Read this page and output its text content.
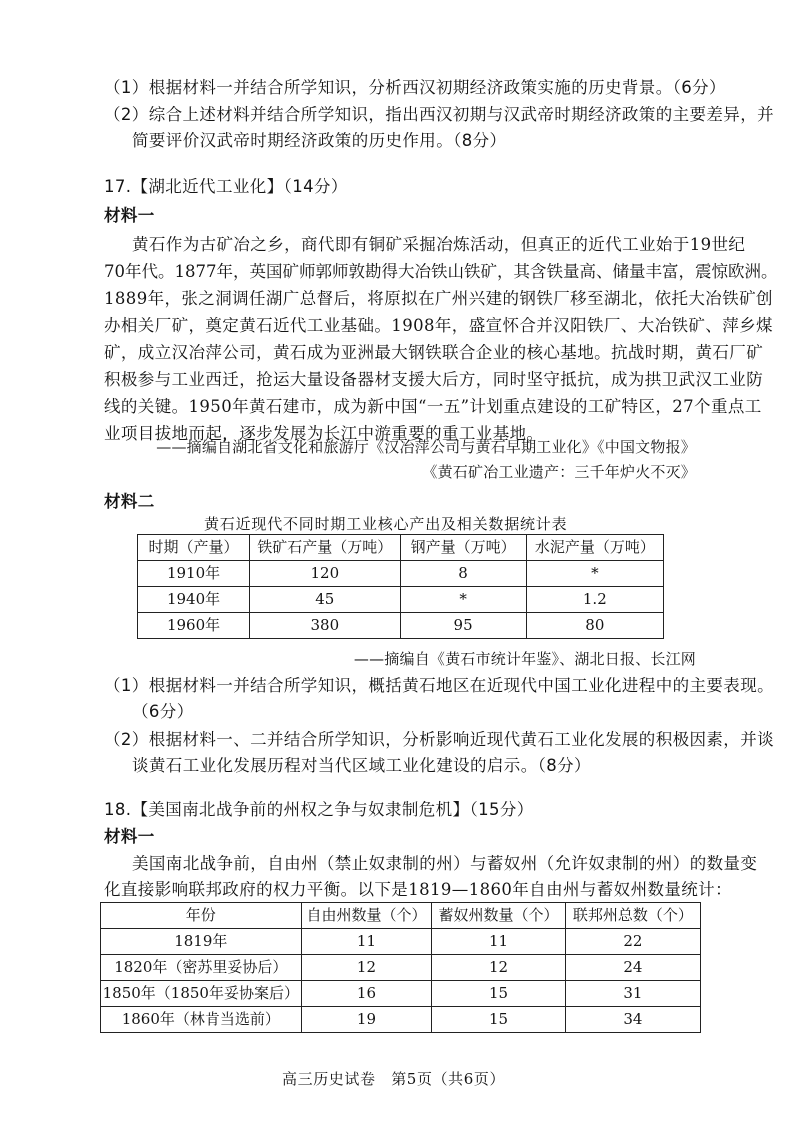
（1）根据材料一并结合所学知识，分析西汉初期经济政策实施的历史背景。（6分）
（2）综合上述材料并结合所学知识，指出西汉初期与汉武帝时期经济政策的主要差异，并
简要评价汉武帝时期经济政策的历史作用。（8分）
17.【湖北近代工业化】（14分）
材料一
黄石作为古矿冶之乡，商代即有铜矿采掘冶炼活动，但真正的近代工业始于19世纪
70年代。1877年，英国矿师郭师敦勘得大冶铁山铁矿，其含铁量高、储量丰富，震惊欧洲。
1889年，张之洞调任湖广总督后，将原拟在广州兴建的钢铁厂移至湖北，依托大冶铁矿创
办相关厂矿，奠定黄石近代工业基础。1908年，盛宣怀合并汉阳铁厂、大冶铁矿、萍乡煤
矿，成立汉冶萍公司，黄石成为亚洲最大钢铁联合企业的核心基地。抗战时期，黄石厂矿
积极参与工业西迁，抢运大量设备器材支援大后方，同时坚守抵抗，成为拱卫武汉工业防
线的关键。1950年黄石建市，成为新中国“一五”计划重点建设的工矿特区，27个重点工
业项目拔地而起，逐步发展为长江中游重要的重工业基地。
——摘编自湖北省文化和旅游厅《汉冶萍公司与黄石早期工业化》《中国文物报》
《黄石矿冶工业遗产：三千年炉火不灭》
材料二
黄石近现代不同时期工业核心产出及相关数据统计表
时期（产量）	铁矿石产量（万吨）	钢产量（万吨）	水泥产量（万吨）
1910年	120	8	*
1940年	45	*	1.2
1960年	380	95	80
——摘编自《黄石市统计年鉴》、湖北日报、长江网
（1）根据材料一并结合所学知识，概括黄石地区在近现代中国工业化进程中的主要表现。
（6分）
（2）根据材料一、二并结合所学知识，分析影响近现代黄石工业化发展的积极因素，并谈
谈黄石工业化发展历程对当代区域工业化建设的启示。（8分）
18.【美国南北战争前的州权之争与奴隶制危机】（15分）
材料一
美国南北战争前，自由州（禁止奴隶制的州）与蓄奴州（允许奴隶制的州）的数量变
化直接影响联邦政府的权力平衡。以下是1819—1860年自由州与蓄奴州数量统计：
年份	自由州数量（个）	蓄奴州数量（个）	联邦州总数（个）
1819年	11	11	22
1820年（密苏里妥协后）	12	12	24
1850年（1850年妥协案后）	16	15	31
1860年（林肯当选前）	19	15	34
高三历史试卷　第5页（共6页）
